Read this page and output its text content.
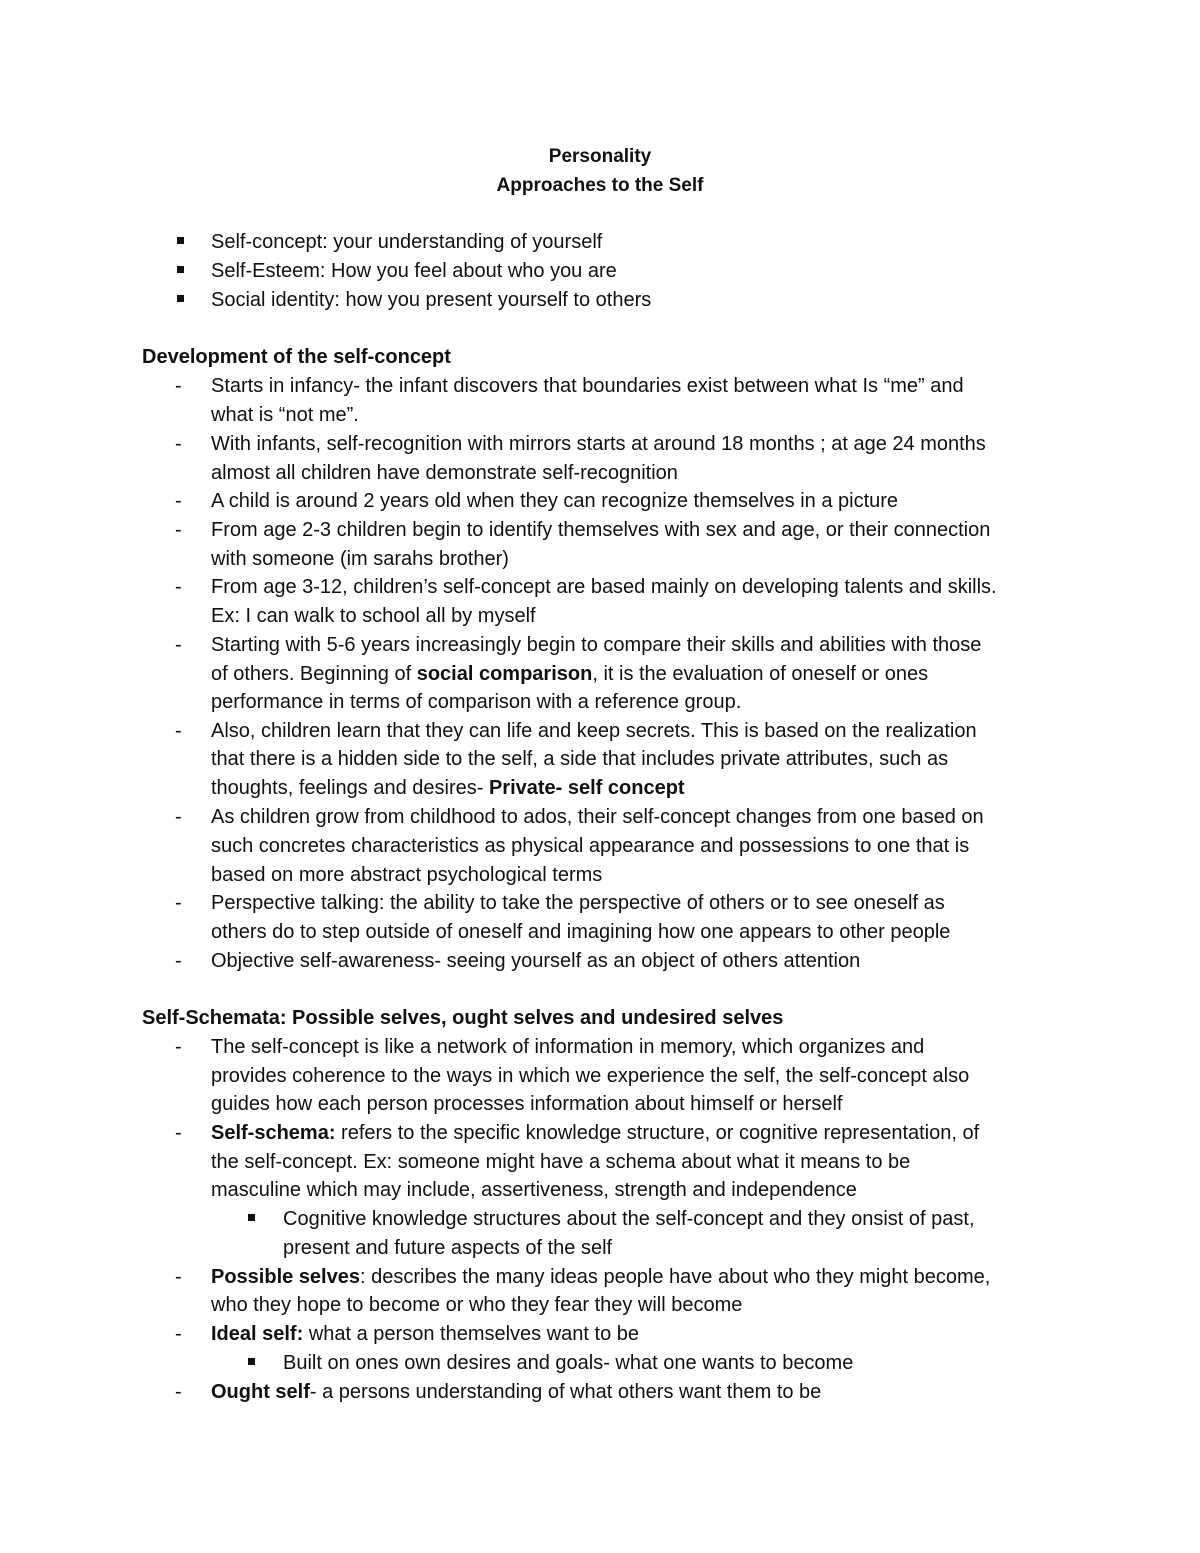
Personality
Approaches to the Self
Self-concept: your understanding of yourself
Self-Esteem: How you feel about who you are
Social identity: how you present yourself to others
Development of the self-concept
- Starts in infancy- the infant discovers that boundaries exist between what Is “me” and
what is “not me”.
- With infants, self-recognition with mirrors starts at around 18 months ; at age 24 months
almost all children have demonstrate self-recognition
- A child is around 2 years old when they can recognize themselves in a picture
- From age 2-3 children begin to identify themselves with sex and age, or their connection
with someone (im sarahs brother)
- From age 3-12, children’s self-concept are based mainly on developing talents and skills.
Ex: I can walk to school all by myself
- Starting with 5-6 years increasingly begin to compare their skills and abilities with those
of others. Beginning of social comparison, it is the evaluation of oneself or ones
performance in terms of comparison with a reference group.
- Also, children learn that they can life and keep secrets. This is based on the realization
that there is a hidden side to the self, a side that includes private attributes, such as
thoughts, feelings and desires- Private- self concept
- As children grow from childhood to ados, their self-concept changes from one based on
such concretes characteristics as physical appearance and possessions to one that is
based on more abstract psychological terms
- Perspective talking: the ability to take the perspective of others or to see oneself as
others do to step outside of oneself and imagining how one appears to other people
- Objective self-awareness- seeing yourself as an object of others attention
Self-Schemata: Possible selves, ought selves and undesired selves
- The self-concept is like a network of information in memory, which organizes and
provides coherence to the ways in which we experience the self, the self-concept also
guides how each person processes information about himself or herself
- Self-schema: refers to the specific knowledge structure, or cognitive representation, of
the self-concept. Ex: someone might have a schema about what it means to be
masculine which may include, assertiveness, strength and independence
Cognitive knowledge structures about the self-concept and they onsist of past,
present and future aspects of the self
- Possible selves: describes the many ideas people have about who they might become,
who they hope to become or who they fear they will become
- Ideal self: what a person themselves want to be
Built on ones own desires and goals- what one wants to become
- Ought self- a persons understanding of what others want them to be
